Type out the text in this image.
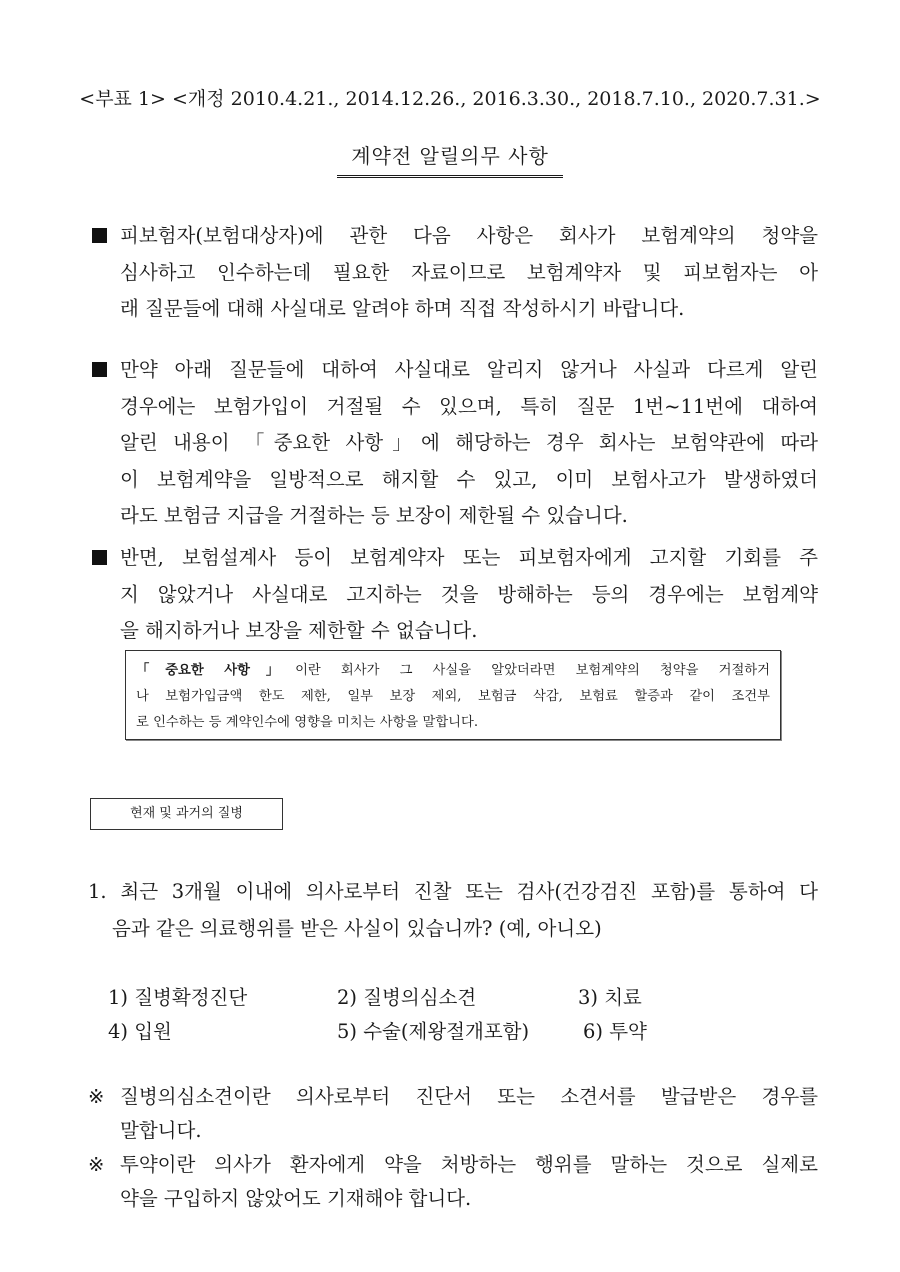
<부표 1> <개정 2010.4.21., 2014.12.26., 2016.3.30., 2018.7.10., 2020.7.31.>
계약전 알릴의무 사항
피보험자(보험대상자)에 관한 다음 사항은 회사가 보험계약의 청약을
심사하고 인수하는데 필요한 자료이므로 보험계약자 및 피보험자는 아
래 질문들에 대해 사실대로 알려야 하며 직접 작성하시기 바랍니다.
만약 아래 질문들에 대하여 사실대로 알리지 않거나 사실과 다르게 알린
경우에는 보험가입이 거절될 수 있으며, 특히 질문 1번~11번에 대하여
알린 내용이 「중요한 사항」에 해당하는 경우 회사는 보험약관에 따라
이 보험계약을 일방적으로 해지할 수 있고, 이미 보험사고가 발생하였더
라도 보험금 지급을 거절하는 등 보장이 제한될 수 있습니다.
반면, 보험설계사 등이 보험계약자 또는 피보험자에게 고지할 기회를 주
지 않았거나 사실대로 고지하는 것을 방해하는 등의 경우에는 보험계약
을 해지하거나 보장을 제한할 수 없습니다.
「중요한 사항」이란 회사가 그 사실을 알았더라면 보험계약의 청약을 거절하거
나 보험가입금액 한도 제한, 일부 보장 제외, 보험금 삭감, 보험료 할증과 같이 조건부
로 인수하는 등 계약인수에 영향을 미치는 사항을 말합니다.
현재 및 과거의 질병
1. 최근 3개월 이내에 의사로부터 진찰 또는 검사(건강검진 포함)를 통하여 다
음과 같은 의료행위를 받은 사실이 있습니까? (예, 아니오)
1) 질병확정진단	2) 질병의심소견	3) 치료
4) 입원	5) 수술(제왕절개포함)	6) 투약
※ 질병의심소견이란 의사로부터 진단서 또는 소견서를 발급받은 경우를
말합니다.
※ 투약이란 의사가 환자에게 약을 처방하는 행위를 말하는 것으로 실제로
약을 구입하지 않았어도 기재해야 합니다.
